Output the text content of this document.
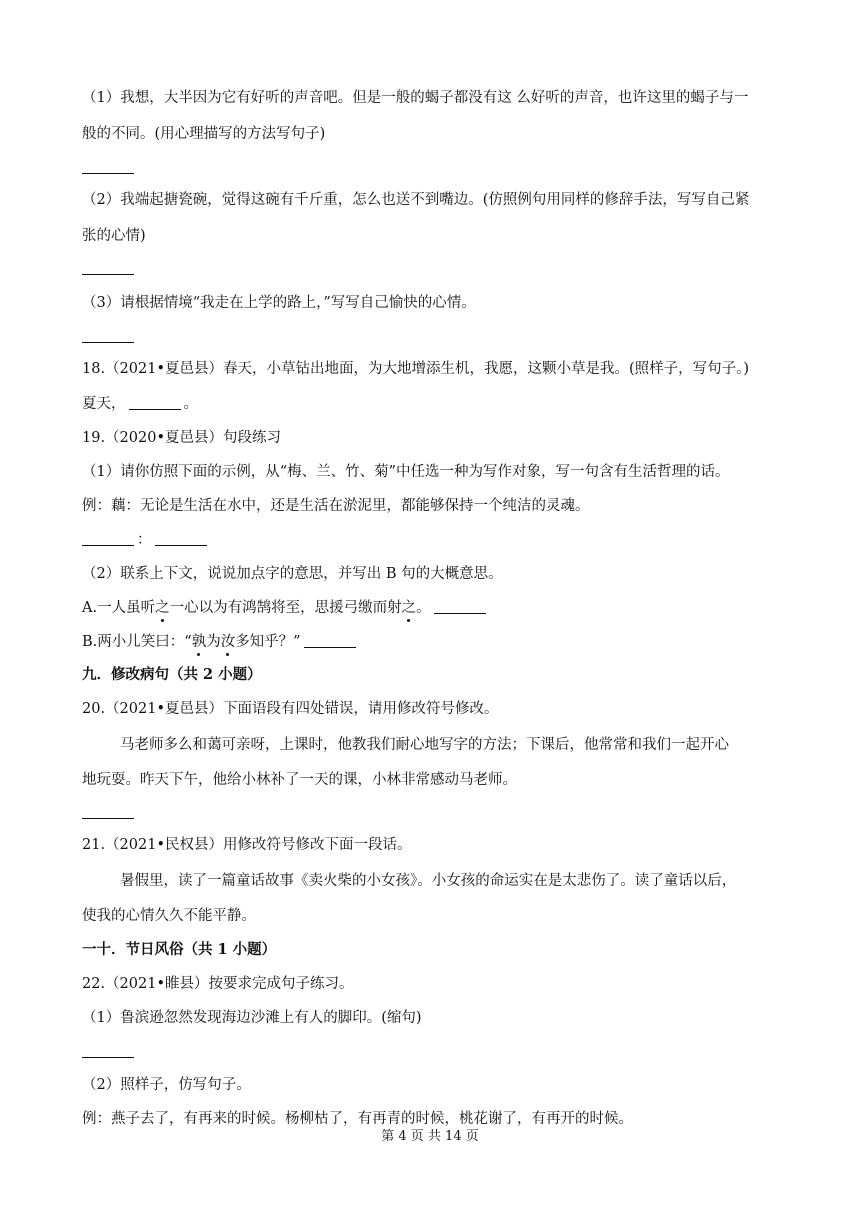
（1）我想，大半因为它有好听的声音吧。但是一般的蝎子都没有这 么好听的声音，也许这里的蝎子与一
般的不同。(用心理描写的方法写句子)
（2）我端起搪瓷碗，觉得这碗有千斤重，怎么也送不到嘴边。(仿照例句用同样的修辞手法，写写自己紧
张的心情)
（3）请根据情境“我走在上学的路上，”写写自己愉快的心情。
18.（2021•夏邑县）春天，小草钻出地面，为大地增添生机，我愿，这颗小草是我。(照样子，写句子。)
夏天，	。
19.（2020•夏邑县）句段练习
（1）请你仿照下面的示例，从“梅、兰、竹、菊”中任选一种为写作对象，写一句含有生活哲理的话。
例：藕：无论是生活在水中，还是生活在淤泥里，都能够保持一个纯洁的灵魂。
：
（2）联系上下文，说说加点字的意思，并写出 B 句的大概意思。
A.一人虽听之一心以为有鸿鹄将至，思援弓缴而射之。
B.两小儿笑曰：“孰为汝多知乎？”
九．修改病句（共 2 小题）
20.（2021•夏邑县）下面语段有四处错误，请用修改符号修改。
马老师多么和蔼可亲呀，上课时，他教我们耐心地写字的方法；下课后，他常常和我们一起开心
地玩耍。昨天下午，他给小林补了一天的课，小林非常感动马老师。
21.（2021•民权县）用修改符号修改下面一段话。
暑假里，读了一篇童话故事《卖火柴的小女孩》。小女孩的命运实在是太悲伤了。读了童话以后，
使我的心情久久不能平静。
一十．节日风俗（共 1 小题）
22.（2021•睢县）按要求完成句子练习。
（1）鲁滨逊忽然发现海边沙滩上有人的脚印。(缩句)
（2）照样子，仿写句子。
例：燕子去了，有再来的时候。杨柳枯了，有再青的时候，桃花谢了，有再开的时候。
第 4 页 共 14 页
